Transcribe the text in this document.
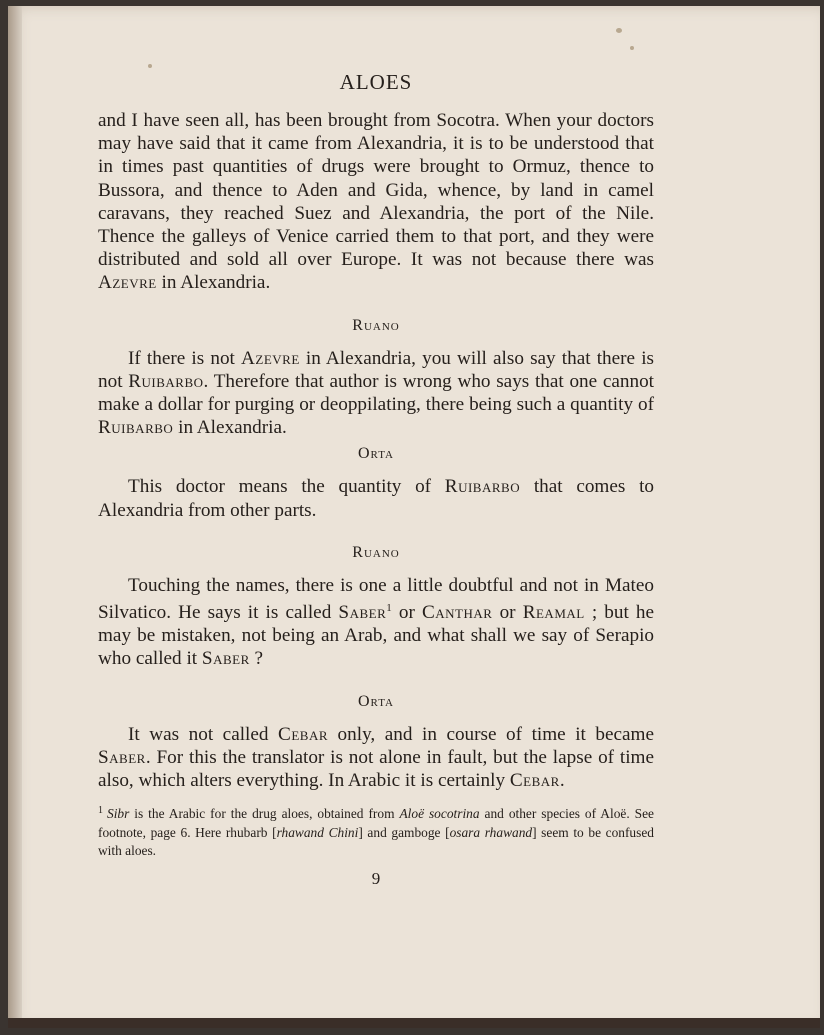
ALOES

and I have seen all, has been brought from Socotra. When your doctors may have said that it came from Alexandria, it is to be understood that in times past quantities of drugs were brought to Ormuz, thence to Bussora, and thence to Aden and Gida, whence, by land in camel caravans, they reached Suez and Alexandria, the port of the Nile. Thence the galleys of Venice carried them to that port, and they were distributed and sold all over Europe. It was not because there was Azevre in Alexandria.

Ruano

If there is not Azevre in Alexandria, you will also say that there is not Ruibarbo. Therefore that author is wrong who says that one cannot make a dollar for purging or deoppilating, there being such a quantity of Ruibarbo in Alexandria.

Orta

This doctor means the quantity of Ruibarbo that comes to Alexandria from other parts.

Ruano

Touching the names, there is one a little doubtful and not in Mateo Silvatico. He says it is called Saber$^1$ or Canthar or Reamal ; but he may be mistaken, not being an Arab, and what shall we say of Serapio who called it Saber ?

Orta

It was not called Cebar only, and in course of time it became Saber. For this the translator is not alone in fault, but the lapse of time also, which alters everything. In Arabic it is certainly Cebar.

$^1$ Sibr is the Arabic for the drug aloes, obtained from Aloë socotrina and other species of Aloë. See footnote, page 6. Here rhubarb [rhawand Chini] and gamboge [osara rhawand] seem to be confused with aloes.
9
